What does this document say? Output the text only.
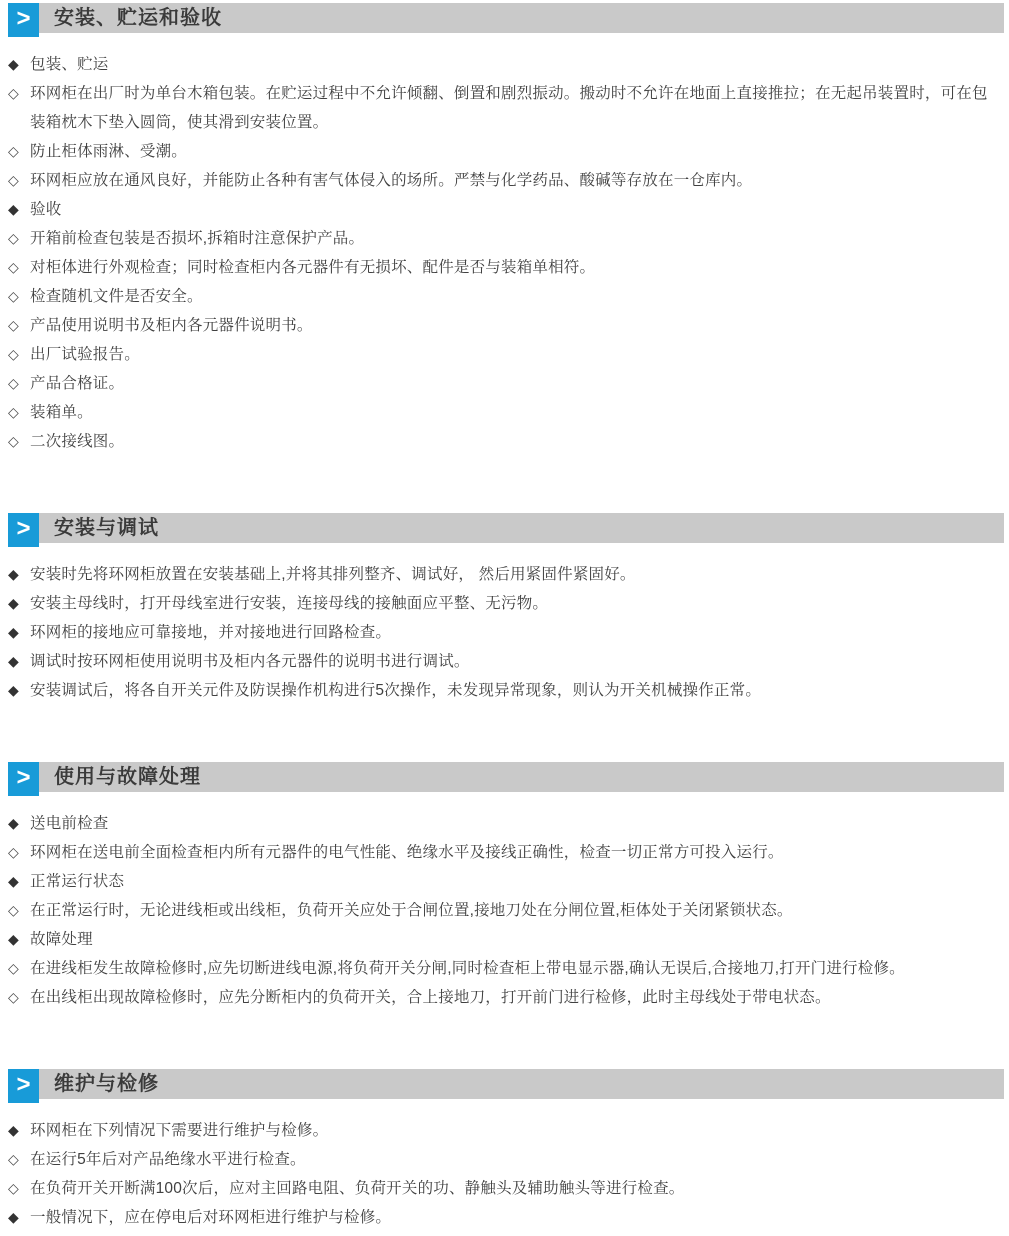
>	安装、贮运和验收
◆ 包装、贮运
◇ 环网柜在出厂时为单台木箱包装。在贮运过程中不允许倾翻、倒置和剧烈振动。搬动时不允许在地面上直接推拉；在无起吊装置时，可在包装箱枕木下垫入圆筒，使其滑到安装位置。
◇ 防止柜体雨淋、受潮。
◇ 环网柜应放在通风良好，并能防止各种有害气体侵入的场所。严禁与化学药品、酸碱等存放在一仓库内。
◆ 验收
◇ 开箱前检查包装是否损坏,拆箱时注意保护产品。
◇ 对柜体进行外观检查；同时检查柜内各元器件有无损坏、配件是否与装箱单相符。
◇ 检查随机文件是否安全。
◇ 产品使用说明书及柜内各元器件说明书。
◇ 出厂试验报告。
◇ 产品合格证。
◇ 装箱单。
◇ 二次接线图。
>	安装与调试
◆ 安装时先将环网柜放置在安装基础上,并将其排列整齐、调试好， 然后用紧固件紧固好。
◆ 安装主母线时，打开母线室进行安装，连接母线的接触面应平整、无污物。
◆ 环网柜的接地应可靠接地，并对接地进行回路检查。
◆ 调试时按环网柜使用说明书及柜内各元器件的说明书进行调试。
◆ 安装调试后，将各自开关元件及防误操作机构进行5次操作，未发现异常现象，则认为开关机械操作正常。
>	使用与故障处理
◆ 送电前检查
◇ 环网柜在送电前全面检查柜内所有元器件的电气性能、绝缘水平及接线正确性，检查一切正常方可投入运行。
◆ 正常运行状态
◇ 在正常运行时，无论进线柜或出线柜，负荷开关应处于合闸位置,接地刀处在分闸位置,柜体处于关闭紧锁状态。
◆ 故障处理
◇ 在进线柜发生故障检修时,应先切断进线电源,将负荷开关分闸,同时检查柜上带电显示器,确认无误后,合接地刀,打开门进行检修。
◇ 在出线柜出现故障检修时，应先分断柜内的负荷开关，合上接地刀，打开前门进行检修，此时主母线处于带电状态。
>	维护与检修
◆ 环网柜在下列情况下需要进行维护与检修。
◇ 在运行5年后对产品绝缘水平进行检查。
◇ 在负荷开关开断满100次后，应对主回路电阻、负荷开关的功、静触头及辅助触头等进行检查。
◆ 一般情况下，应在停电后对环网柜进行维护与检修。
